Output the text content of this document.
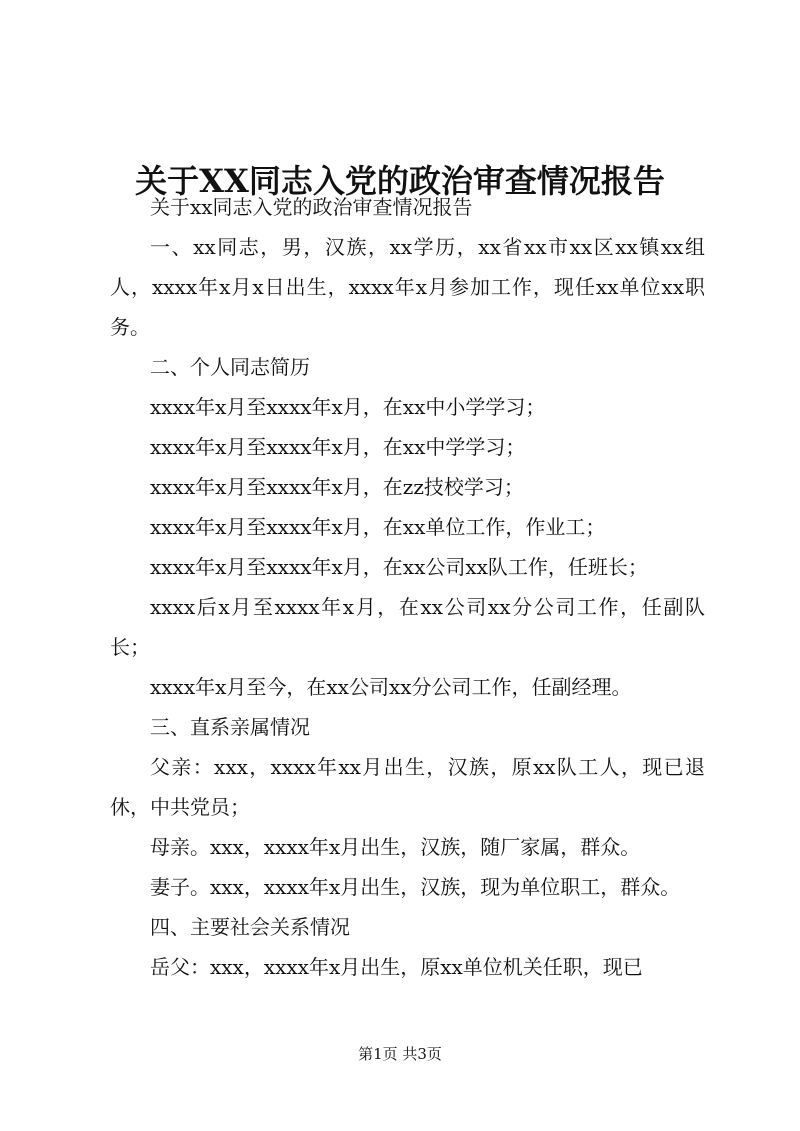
关于XX同志入党的政治审查情况报告

关于xx同志入党的政治审查情况报告

一、xx同志，男，汉族，xx学历，xx省xx市xx区xx镇xx组人，xxxx年x月x日出生，xxxx年x月参加工作，现任xx单位xx职务。

二、个人同志简历

xxxx年x月至xxxx年x月，在xx中小学学习；

xxxx年x月至xxxx年x月，在xx中学学习；

xxxx年x月至xxxx年x月，在zz技校学习；

xxxx年x月至xxxx年x月，在xx单位工作，作业工；

xxxx年x月至xxxx年x月，在xx公司xx队工作，任班长；

xxxx后x月至xxxx年x月，在xx公司xx分公司工作，任副队长；

xxxx年x月至今，在xx公司xx分公司工作，任副经理。

三、直系亲属情况

父亲：xxx，xxxx年xx月出生，汉族，原xx队工人，现已退休，中共党员；

母亲。xxx，xxxx年x月出生，汉族，随厂家属，群众。

妻子。xxx，xxxx年x月出生，汉族，现为单位职工，群众。

四、主要社会关系情况

岳父：xxx，xxxx年x月出生，原xx单位机关任职，现已

第1页 共3页
